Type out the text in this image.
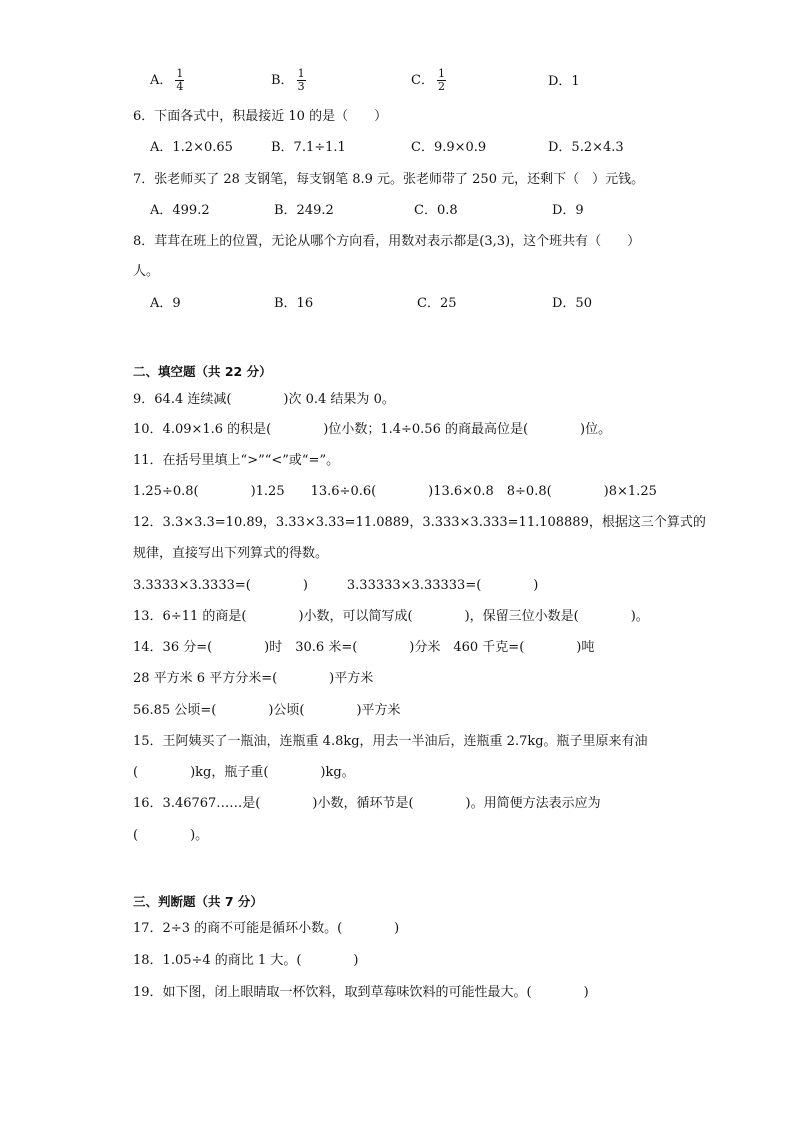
A． $\frac{1}{4}$	B． $\frac{1}{3}$	C． $\frac{1}{2}$	D．1
6．下面各式中，积最接近 10 的是（　　）
A．1.2×0.65	B．7.1÷1.1	C．9.9×0.9	D．5.2×4.3
7．张老师买了 28 支钢笔，每支钢笔 8.9 元。张老师带了 250 元，还剩下（　）元钱。
A．499.2	B．249.2	C．0.8	D．9
8．茸茸在班上的位置，无论从哪个方向看，用数对表示都是(3,3)，这个班共有（　　）
人。
A．9	B．16	C．25	D．50
二、填空题（共 22 分）
9．64.4 连续减(　　　　)次 0.4 结果为 0。
10．4.09×1.6 的积是(　　　　)位小数；1.4÷0.56 的商最高位是(　　　　)位。
11．在括号里填上“>”“<”或“=”。
1.25÷0.8(　　　　)1.25　　13.6÷0.6(　　　　)13.6×0.8　8÷0.8(　　　　)8×1.25
12．3.3×3.3=10.89，3.33×3.33=11.0889，3.333×3.333=11.108889，根据这三个算式的
规律，直接写出下列算式的得数。
3.3333×3.3333=(　　　　)　　　3.33333×3.33333=(　　　　)
13．6÷11 的商是(　　　　)小数，可以简写成(　　　　)，保留三位小数是(　　　　)。
14．36 分=(　　　　)时　30.6 米=(　　　　)分米　460 千克=(　　　　)吨
28 平方米 6 平方分米=(　　　　)平方米
56.85 公顷=(　　　　)公顷(　　　　)平方米
15．王阿姨买了一瓶油，连瓶重 4.8kg，用去一半油后，连瓶重 2.7kg。瓶子里原来有油
(　　　　)kg，瓶子重(　　　　)kg。
16．3.46767……是(　　　　)小数，循环节是(　　　　)。用简便方法表示应为
(　　　　)。
三、判断题（共 7 分）
17．2÷3 的商不可能是循环小数。(　　　　)
18．1.05÷4 的商比 1 大。(　　　　)
19．如下图，闭上眼睛取一杯饮料，取到草莓味饮料的可能性最大。(　　　　)
